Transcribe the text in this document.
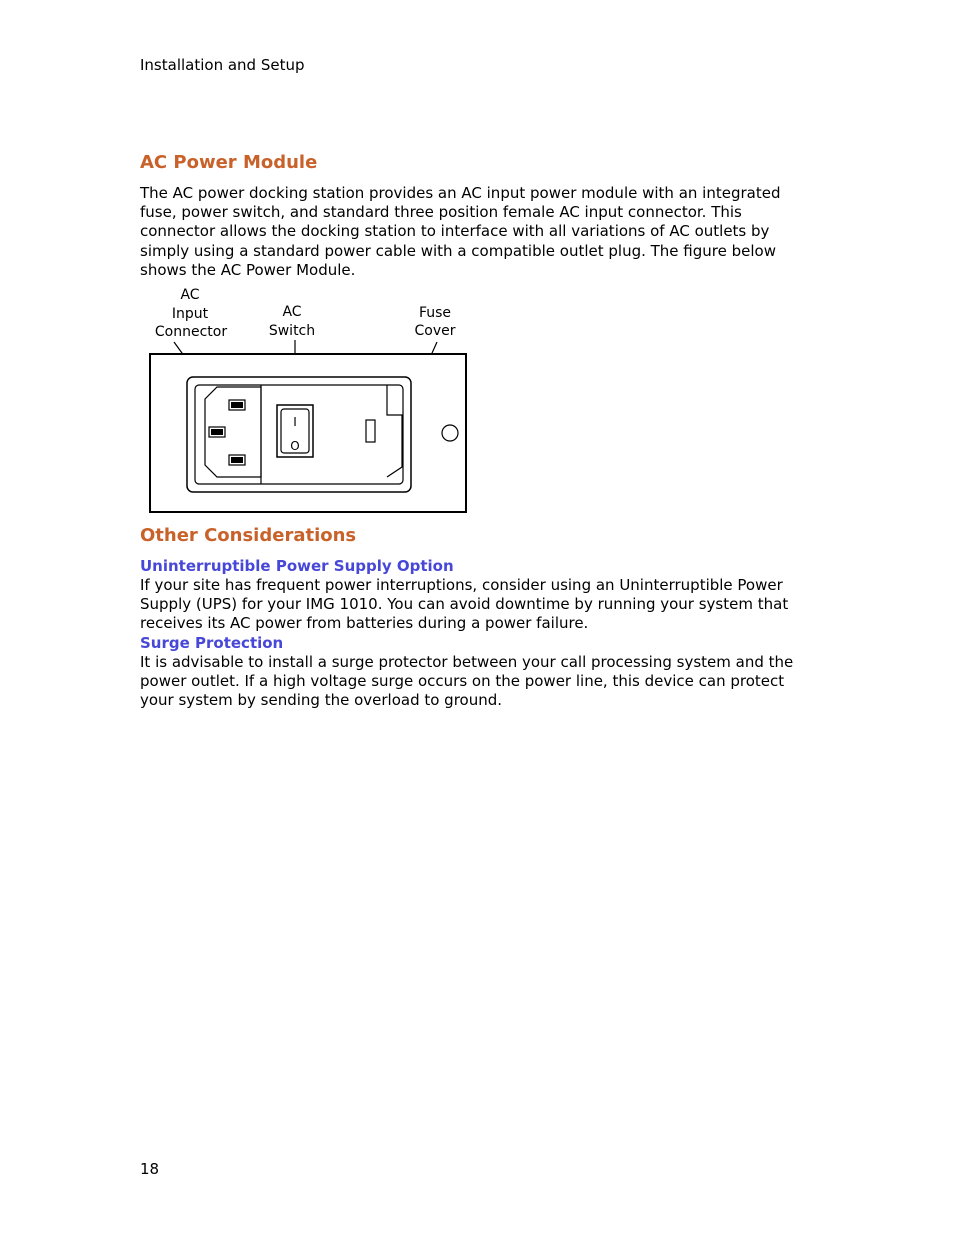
Installation and Setup
AC Power Module

The AC power docking station provides an AC input power module with an integrated fuse, power switch, and standard three position female AC input connector. This connector allows the docking station to interface with all variations of AC outlets by simply using a standard power cable with a compatible outlet plug. The figure below shows the AC Power Module.

AC
Input
Connector
AC
Switch
Fuse
Cover
I
O
Other Considerations
Uninterruptible Power Supply Option

If your site has frequent power interruptions, consider using an Uninterruptible Power Supply (UPS) for your IMG 1010. You can avoid downtime by running your system that receives its AC power from batteries during a power failure.

Surge Protection

It is advisable to install a surge protector between your call processing system and the power outlet. If a high voltage surge occurs on the power line, this device can protect your system by sending the overload to ground.

18
